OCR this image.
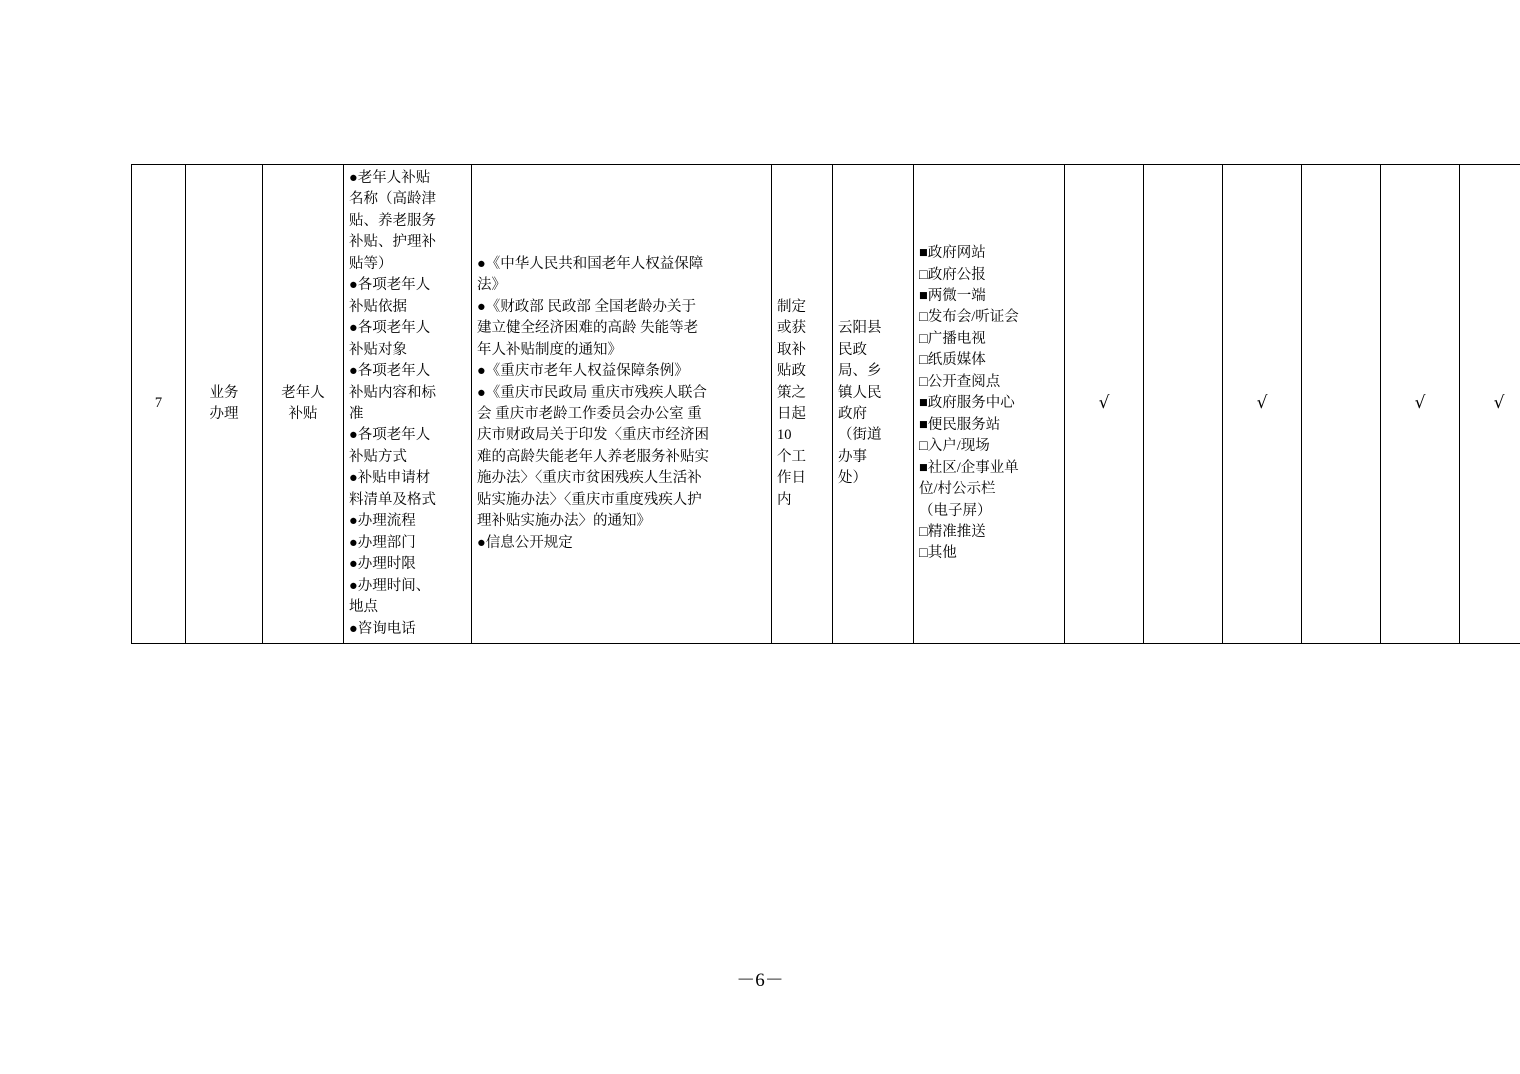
7	
业务
办理

老年人
补贴

●老年人补贴
名称（高龄津
贴、养老服务
补贴、护理补
贴等）
●各项老年人
补贴依据
●各项老年人
补贴对象
●各项老年人
补贴内容和标
准
●各项老年人
补贴方式
●补贴申请材
料清单及格式
●办理流程
●办理部门
●办理时限
●办理时间、
地点
●咨询电话

●《中华人民共和国老年人权益保障
法》
●《财政部 民政部 全国老龄办关于
建立健全经济困难的高龄 失能等老
年人补贴制度的通知》
●《重庆市老年人权益保障条例》
●《重庆市民政局 重庆市残疾人联合
会 重庆市老龄工作委员会办公室 重
庆市财政局关于印发〈重庆市经济困
难的高龄失能老年人养老服务补贴实
施办法〉〈重庆市贫困残疾人生活补
贴实施办法〉〈重庆市重度残疾人护
理补贴实施办法〉的通知》
●信息公开规定

制定
或获
取补
贴政
策之
日起
10
个工
作日
内

云阳县
民政
局、乡
镇人民
政府
（街道
办事
处）

■政府网站
□政府公报
■两微一端
□发布会/听证会
□广播电视
□纸质媒体
□公开查阅点
■政府服务中心
■便民服务站
□入户/现场
■社区/企事业单
位/村公示栏
（电子屏）
□精准推送
□其他
	√		√		√	√
－6－
